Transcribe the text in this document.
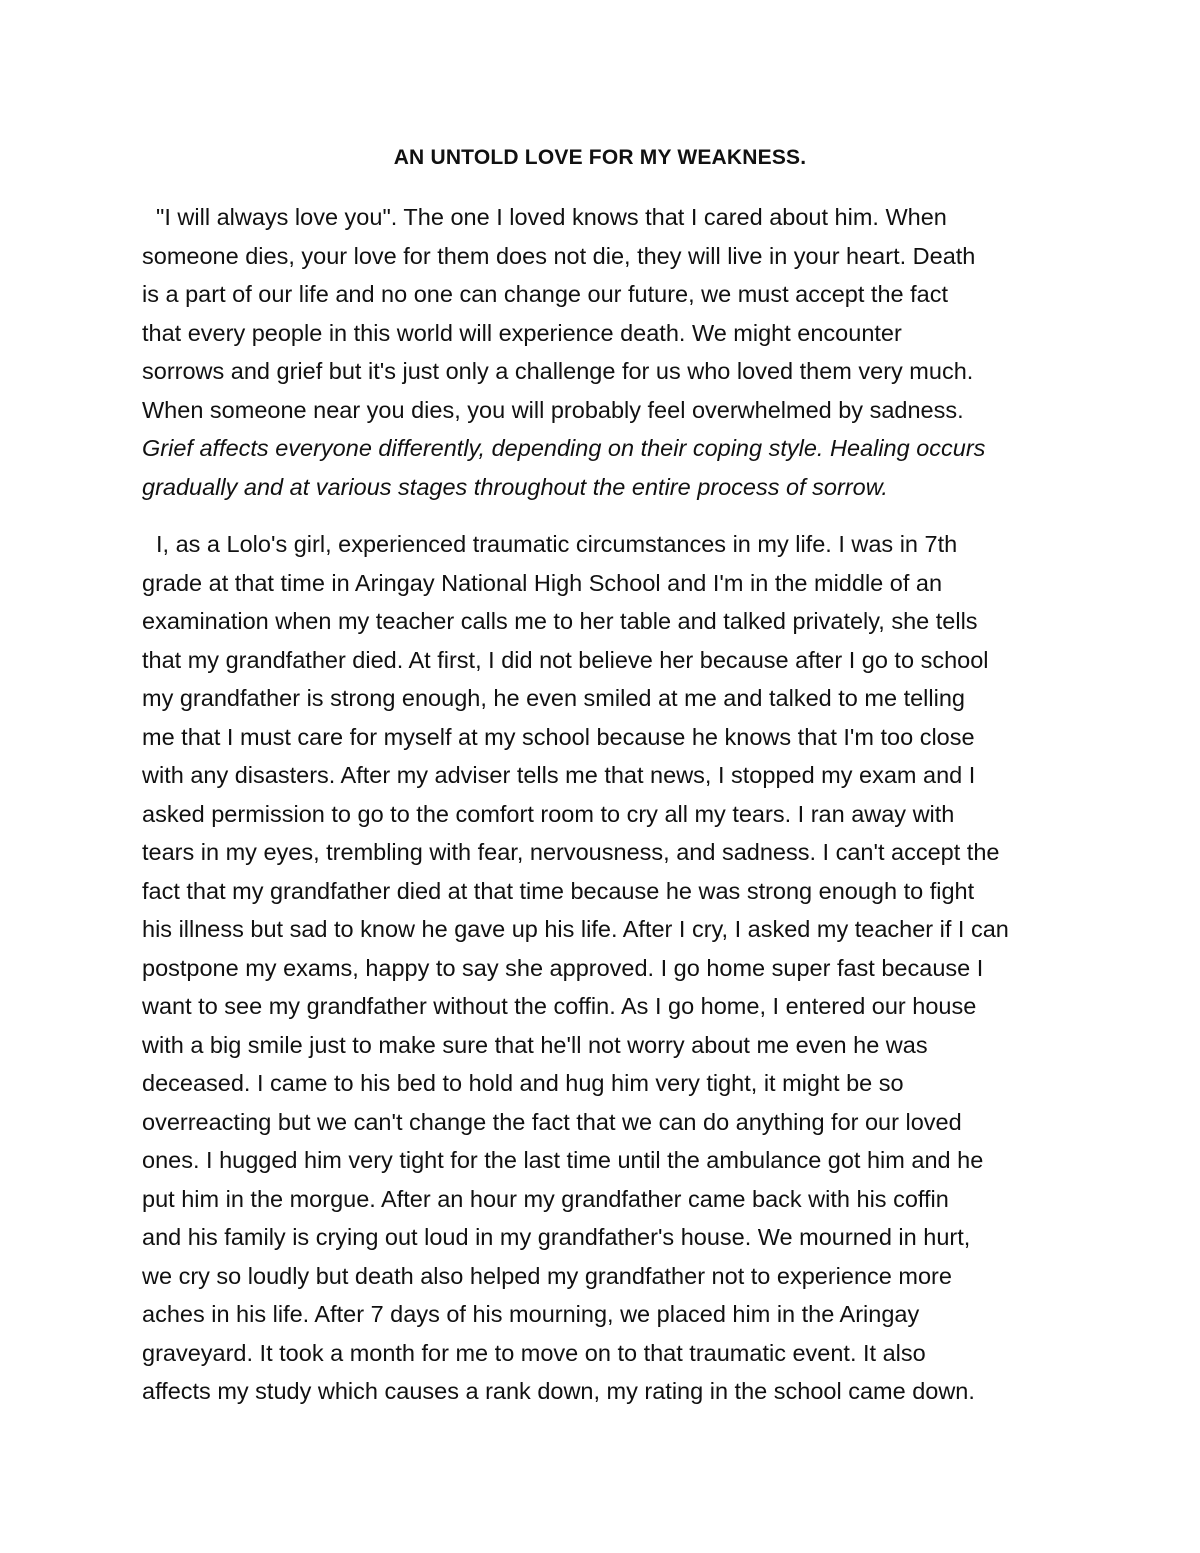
AN UNTOLD LOVE FOR MY WEAKNESS.
"I will always love you". The one I loved knows that I cared about him. When
someone dies, your love for them does not die, they will live in your heart. Death
is a part of our life and no one can change our future, we must accept the fact
that every people in this world will experience death. We might encounter
sorrows and grief but it's just only a challenge for us who loved them very much.
When someone near you dies, you will probably feel overwhelmed by sadness.
Grief affects everyone differently, depending on their coping style. Healing occurs
gradually and at various stages throughout the entire process of sorrow.
I, as a Lolo's girl, experienced traumatic circumstances in my life. I was in 7th
grade at that time in Aringay National High School and I'm in the middle of an
examination when my teacher calls me to her table and talked privately, she tells
that my grandfather died. At first, I did not believe her because after I go to school
my grandfather is strong enough, he even smiled at me and talked to me telling
me that I must care for myself at my school because he knows that I'm too close
with any disasters. After my adviser tells me that news, I stopped my exam and I
asked permission to go to the comfort room to cry all my tears. I ran away with
tears in my eyes, trembling with fear, nervousness, and sadness. I can't accept the
fact that my grandfather died at that time because he was strong enough to fight
his illness but sad to know he gave up his life. After I cry, I asked my teacher if I can
postpone my exams, happy to say she approved. I go home super fast because I
want to see my grandfather without the coffin. As I go home, I entered our house
with a big smile just to make sure that he'll not worry about me even he was
deceased. I came to his bed to hold and hug him very tight, it might be so
overreacting but we can't change the fact that we can do anything for our loved
ones. I hugged him very tight for the last time until the ambulance got him and he
put him in the morgue. After an hour my grandfather came back with his coffin
and his family is crying out loud in my grandfather's house. We mourned in hurt,
we cry so loudly but death also helped my grandfather not to experience more
aches in his life. After 7 days of his mourning, we placed him in the Aringay
graveyard. It took a month for me to move on to that traumatic event. It also
affects my study which causes a rank down, my rating in the school came down.
